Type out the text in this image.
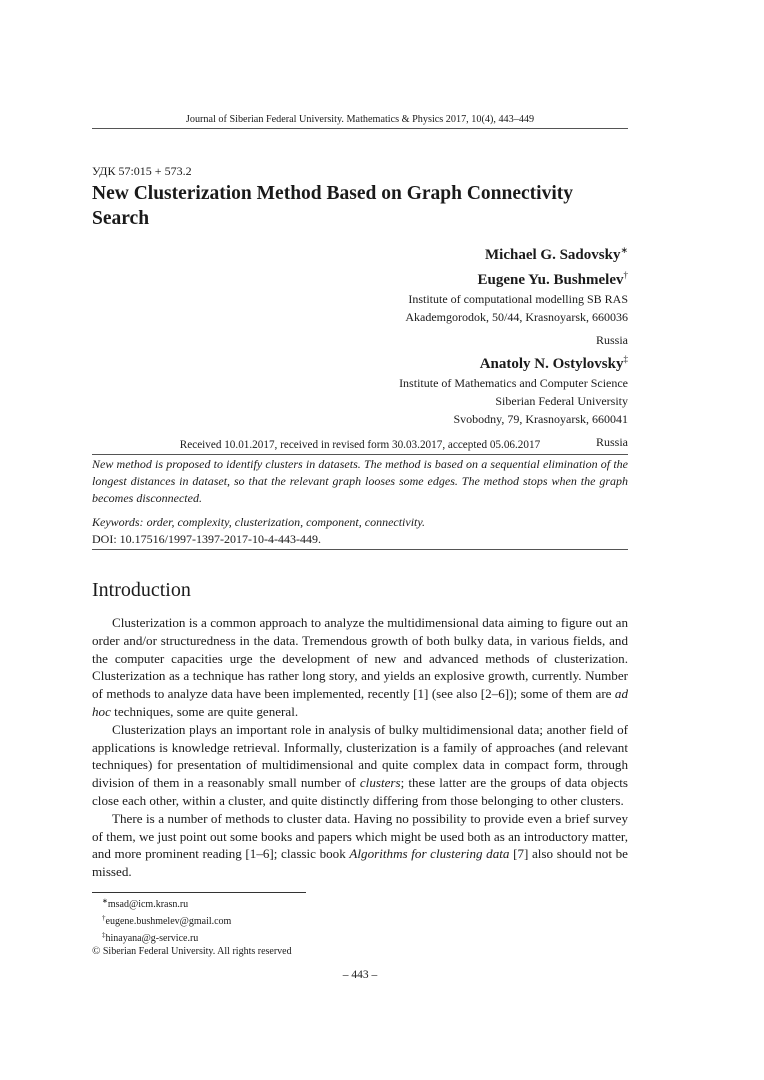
Journal of Siberian Federal University. Mathematics & Physics 2017, 10(4), 443–449
УДК 57:015 + 573.2
New Clusterization Method Based on Graph Connectivity Search
Michael G. Sadovsky∗
Eugene Yu. Bushmelev†
Institute of computational modelling SB RAS
Akademgorodok, 50/44, Krasnoyarsk, 660036
Russia
Anatoly N. Ostylovsky‡
Institute of Mathematics and Computer Science
Siberian Federal University
Svobodny, 79, Krasnoyarsk, 660041
Russia
Received 10.01.2017, received in revised form 30.03.2017, accepted 05.06.2017
New method is proposed to identify clusters in datasets. The method is based on a sequential elimination of the longest distances in dataset, so that the relevant graph looses some edges. The method stops when the graph becomes disconnected.
Keywords: order, complexity, clusterization, component, connectivity.
DOI: 10.17516/1997-1397-2017-10-4-443-449.
Introduction

Clusterization is a common approach to analyze the multidimensional data aiming to figure out an order and/or structuredness in the data. Tremendous growth of both bulky data, in various fields, and the computer capacities urge the development of new and advanced methods of clusterization. Clusterization as a technique has rather long story, and yields an explosive growth, currently. Number of methods to analyze data have been implemented, recently [1] (see also [2–6]); some of them are ad hoc techniques, some are quite general.

Clusterization plays an important role in analysis of bulky multidimensional data; another field of applications is knowledge retrieval. Informally, clusterization is a family of approaches (and relevant techniques) for presentation of multidimensional and quite complex data in compact form, through division of them in a reasonably small number of clusters; these latter are the groups of data objects close each other, within a cluster, and quite distinctly differing from those belonging to other clusters.

There is a number of methods to cluster data. Having no possibility to provide even a brief survey of them, we just point out some books and papers which might be used both as an introductory matter, and more prominent reading [1–6]; classic book Algorithms for clustering data [7] also should not be missed.

∗msad@icm.krasn.ru
†eugene.bushmelev@gmail.com
‡hinayana@g-service.ru
© Siberian Federal University. All rights reserved
– 443 –
